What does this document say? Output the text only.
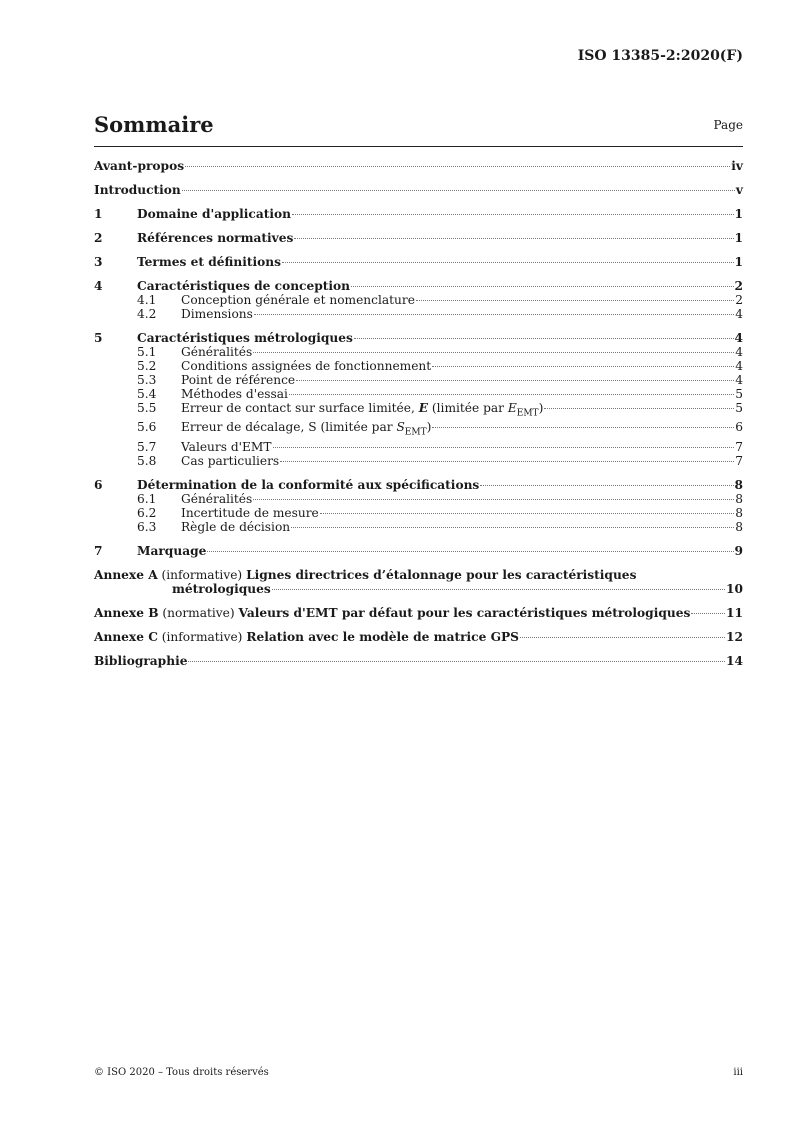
ISO 13385-2:2020(F)
Sommaire	Page
Avant-propos	iv
Introduction	v
1	Domaine d'application	1
2	Références normatives	1
3	Termes et définitions	1
4	Caractéristiques de conception	2
4.1	Conception générale et nomenclature	2
4.2	Dimensions	4
5	Caractéristiques métrologiques	4
5.1	Généralités	4
5.2	Conditions assignées de fonctionnement	4
5.3	Point de référence	4
5.4	Méthodes d'essai	5
5.5	Erreur de contact sur surface limitée, E (limitée par $E_{EMT}$)	5
5.6	Erreur de décalage, S (limitée par $S_{EMT}$)	6
5.7	Valeurs d'EMT	7
5.8	Cas particuliers	7
6	Détermination de la conformité aux spécifications	8
6.1	Généralités	8
6.2	Incertitude de mesure	8
6.3	Règle de décision	8
7	Marquage	9
Annexe A (informative) Lignes directrices d’étalonnage pour les caractéristiques
métrologiques	10
Annexe B (normative) Valeurs d'EMT par défaut pour les caractéristiques métrologiques	11
Annexe C (informative) Relation avec le modèle de matrice GPS	12
Bibliographie	14
© ISO 2020 – Tous droits réservés	iii
